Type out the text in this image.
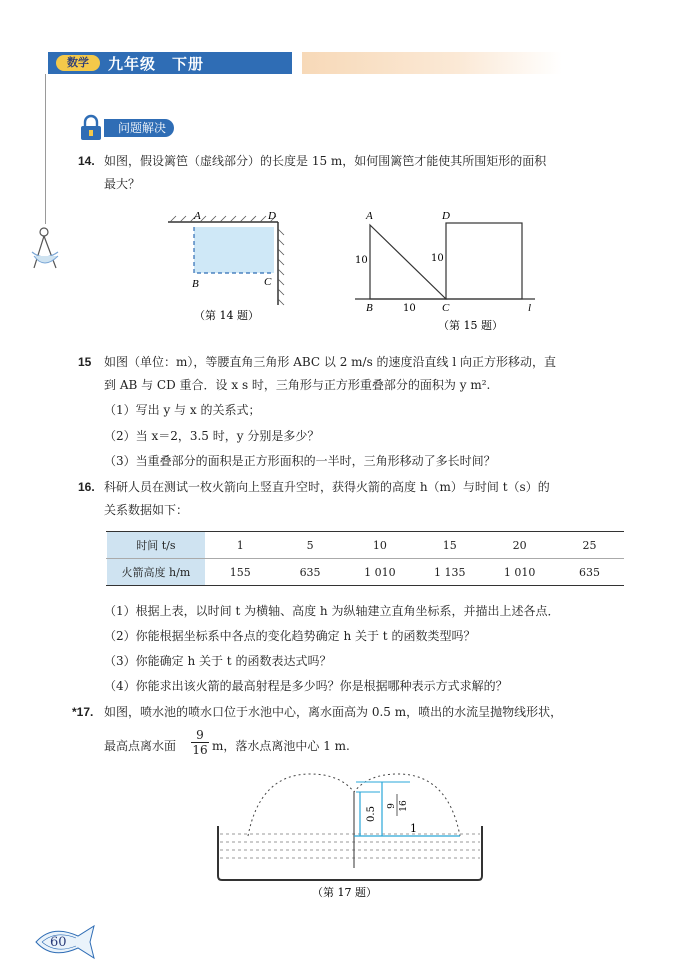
数学	九年级　下册
问题解决
14. 如图，假设篱笆（虚线部分）的长度是 15 m，如何围篱笆才能使其所围矩形的面积
最大？
A	D
B	C
（第 14 题）
A	D
B	C	l
10	10
10
（第 15 题）
15 如图（单位：m），等腰直角三角形 ABC 以 2 m/s 的速度沿直线 l 向正方形移动，直
到 AB 与 CD 重合．设 x s 时，三角形与正方形重叠部分的面积为 y m².
（1）写出 y 与 x 的关系式；
（2）当 x＝2，3.5 时，y 分别是多少？
（3）当重叠部分的面积是正方形面积的一半时，三角形移动了多长时间？
16. 科研人员在测试一枚火箭向上竖直升空时，获得火箭的高度 h（m）与时间 t（s）的
关系数据如下：
时间 t/s	1	5	10	15	20	25
火箭高度 h/m	155	635	1 010	1 135	1 010	635
（1）根据上表，以时间 t 为横轴、高度 h 为纵轴建立直角坐标系，并描出上述各点．
（2）你能根据坐标系中各点的变化趋势确定 h 关于 t 的函数类型吗？
（3）你能确定 h 关于 t 的函数表达式吗？
（4）你能求出该火箭的最高射程是多少吗？你是根据哪种表示方式求解的？
*17. 如图，喷水池的喷水口位于水池中心，离水面高为 0.5 m，喷出的水流呈抛物线形状，
最高点离水面 $\frac{9}{16}$ m，落水点离池中心 1 m.
0.5
9 16
1
（第 17 题）
60
